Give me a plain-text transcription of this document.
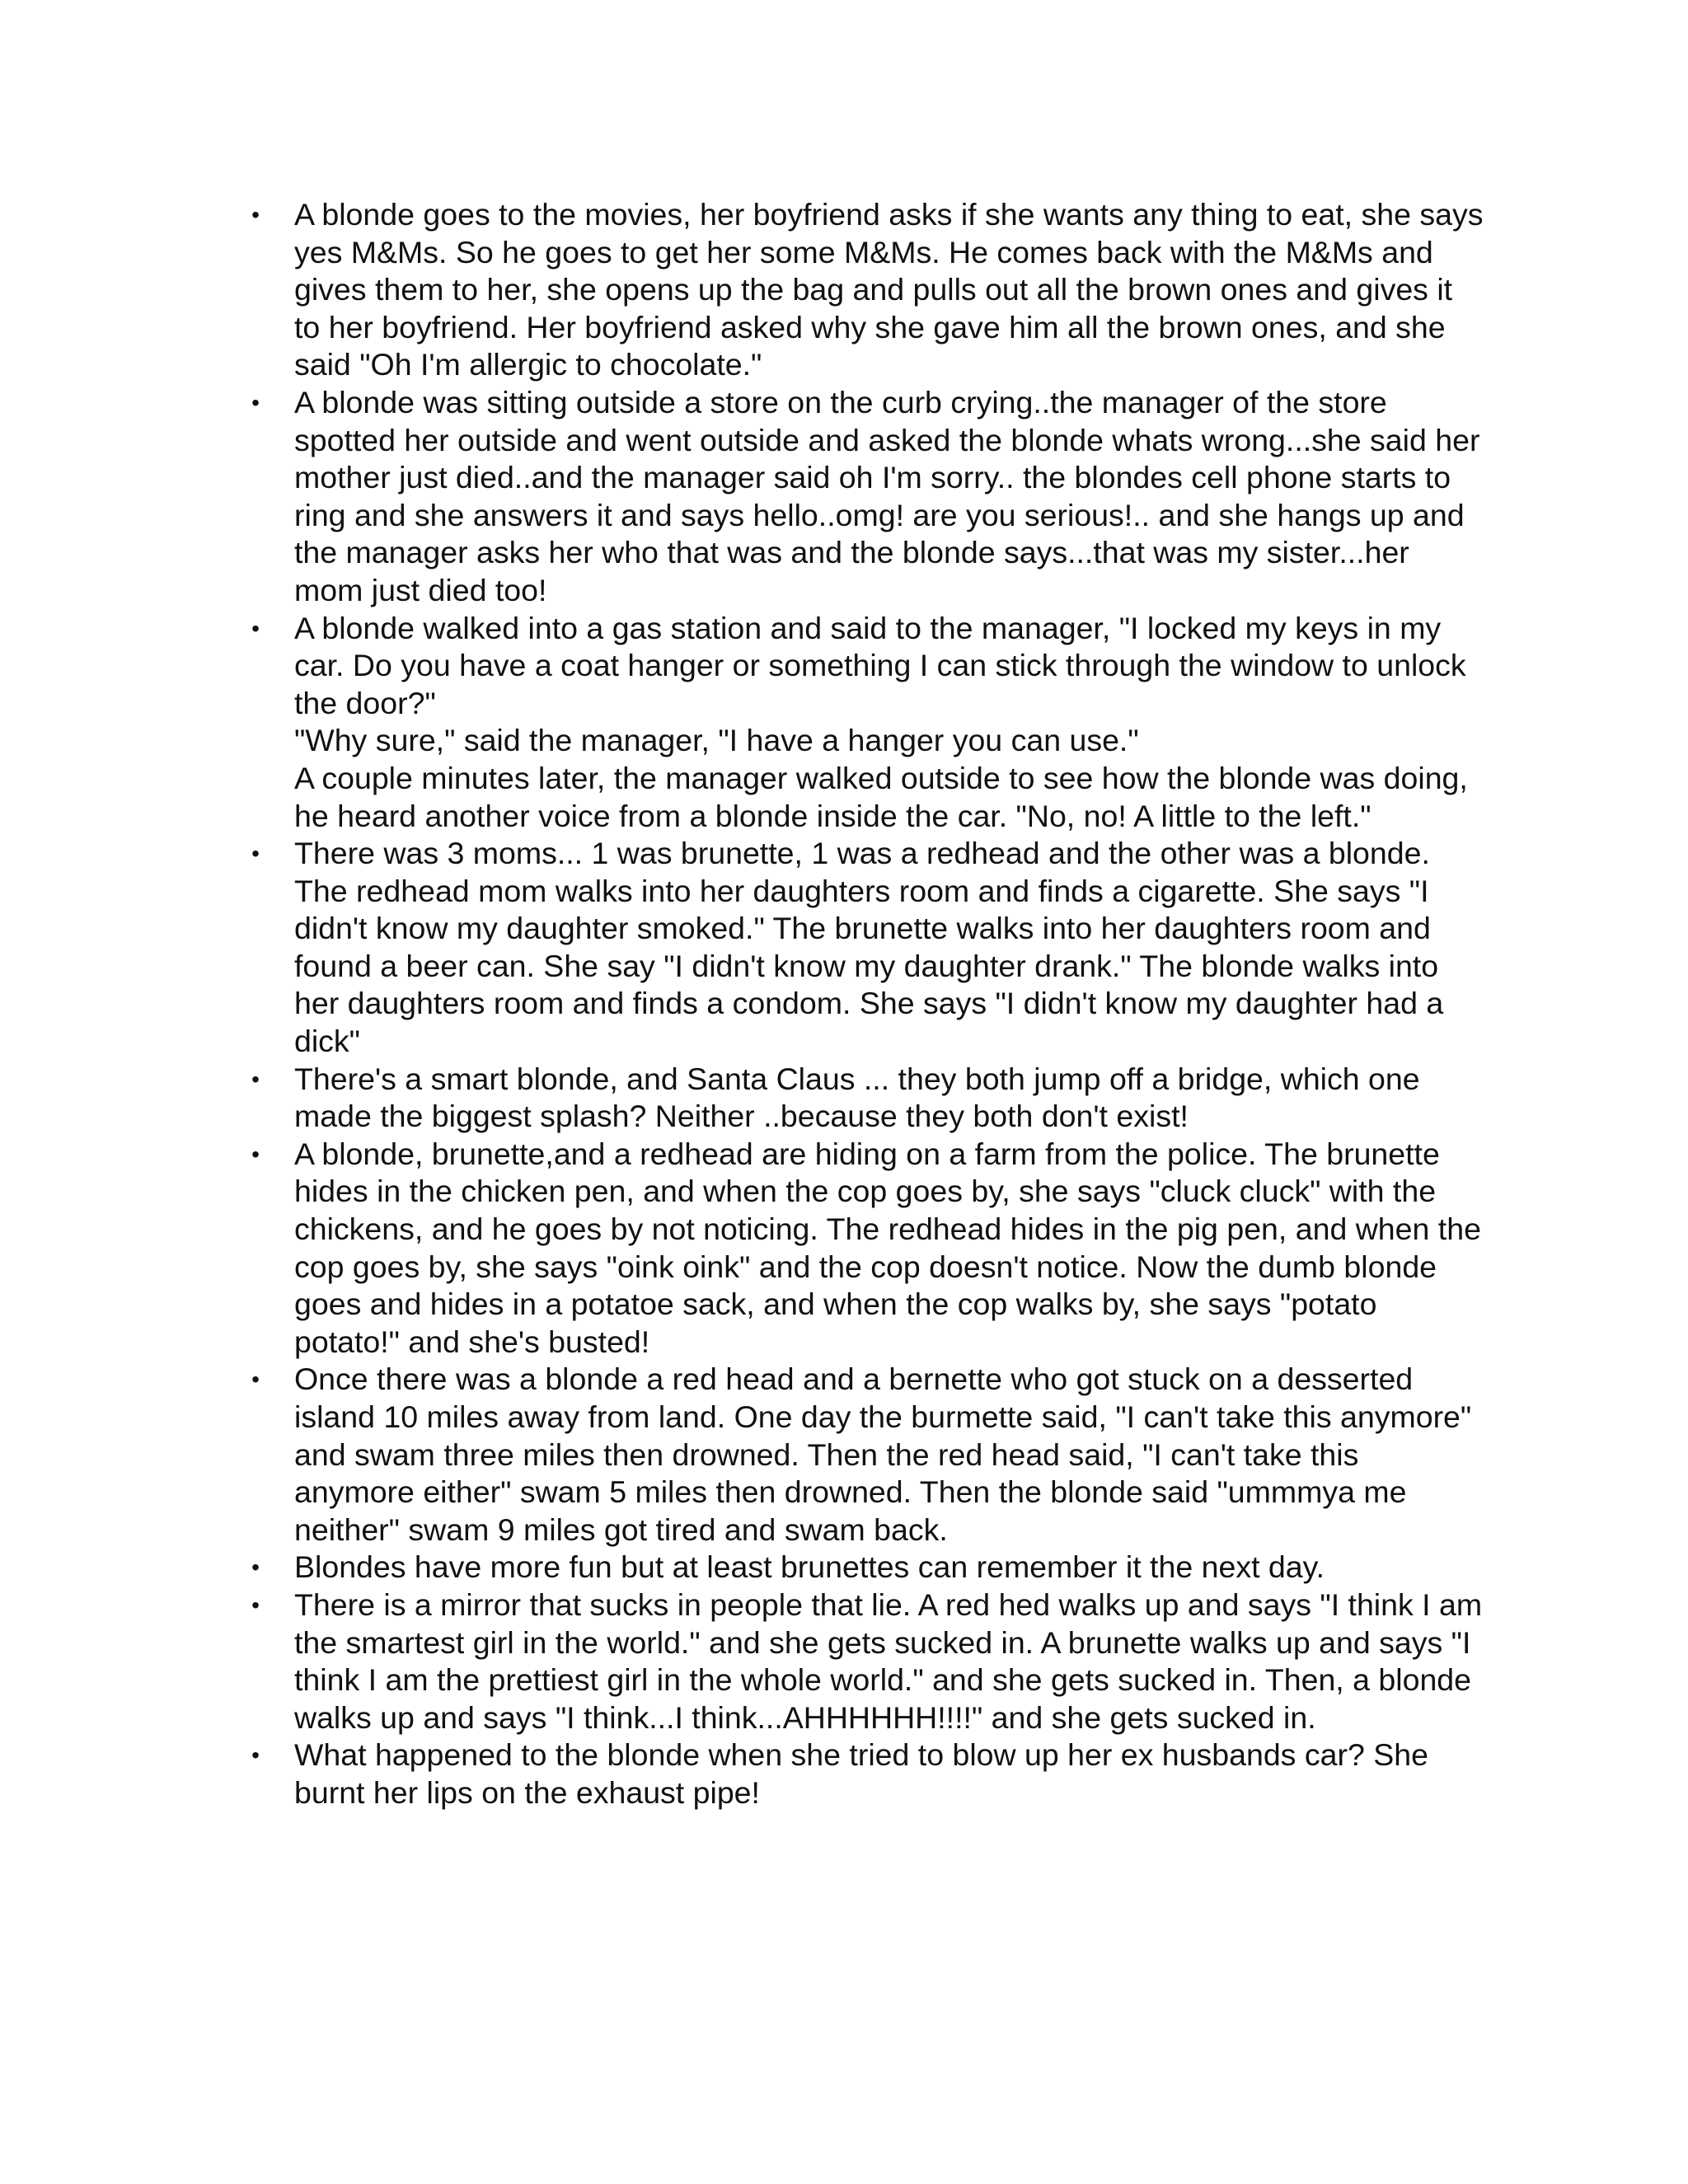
• A blonde goes to the movies, her boyfriend asks if she wants any thing to eat, she says yes M&Ms. So he goes to get her some M&Ms. He comes back with the M&Ms and gives them to her, she opens up the bag and pulls out all the brown ones and gives it to her boyfriend. Her boyfriend asked why she gave him all the brown ones, and she said "Oh I'm allergic to chocolate."
• A blonde was sitting outside a store on the curb crying..the manager of the store spotted her outside and went outside and asked the blonde whats wrong...she said her mother just died..and the manager said oh I'm sorry.. the blondes cell phone starts to ring and she answers it and says hello..omg! are you serious!.. and she hangs up and the manager asks her who that was and the blonde says...that was my sister...her mom just died too!
• A blonde walked into a gas station and said to the manager, "I locked my keys in my car. Do you have a coat hanger or something I can stick through the window to unlock the door?"
"Why sure," said the manager, "I have a hanger you can use."
A couple minutes later, the manager walked outside to see how the blonde was doing, he heard another voice from a blonde inside the car. "No, no! A little to the left."
• There was 3 moms... 1 was brunette, 1 was a redhead and the other was a blonde. The redhead mom walks into her daughters room and finds a cigarette. She says "I didn't know my daughter smoked." The brunette walks into her daughters room and found a beer can. She say "I didn't know my daughter drank." The blonde walks into her daughters room and finds a condom. She says "I didn't know my daughter had a dick"
• There's a smart blonde, and Santa Claus ... they both jump off a bridge, which one made the biggest splash? Neither ..because they both don't exist!
• A blonde, brunette,and a redhead are hiding on a farm from the police. The brunette hides in the chicken pen, and when the cop goes by, she says "cluck cluck" with the chickens, and he goes by not noticing. The redhead hides in the pig pen, and when the cop goes by, she says "oink oink" and the cop doesn't notice. Now the dumb blonde goes and hides in a potatoe sack, and when the cop walks by, she says "potato potato!" and she's busted!
• Once there was a blonde a red head and a bernette who got stuck on a desserted island 10 miles away from land. One day the burmette said, "I can't take this anymore" and swam three miles then drowned. Then the red head said, "I can't take this anymore either" swam 5 miles then drowned. Then the blonde said "ummmya me neither" swam 9 miles got tired and swam back.
• Blondes have more fun but at least brunettes can remember it the next day.
• There is a mirror that sucks in people that lie. A red hed walks up and says "I think I am the smartest girl in the world." and she gets sucked in. A brunette walks up and says "I think I am the prettiest girl in the whole world." and she gets sucked in. Then, a blonde walks up and says "I think...I think...AHHHHHH!!!!" and she gets sucked in.
• What happened to the blonde when she tried to blow up her ex husbands car? She burnt her lips on the exhaust pipe!
